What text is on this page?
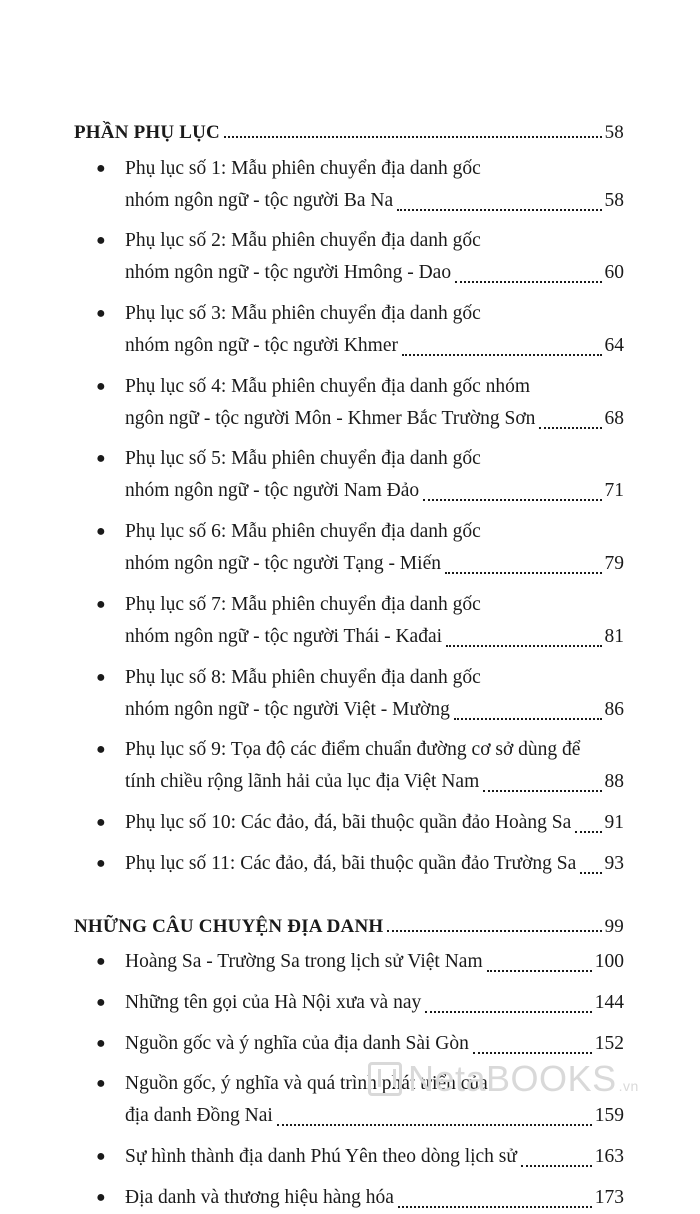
PHẦN PHỤ LỤC	58
● Phụ lục số 1: Mẫu phiên chuyển địa danh gốc
nhóm ngôn ngữ - tộc người Ba Na	58
● Phụ lục số 2: Mẫu phiên chuyển địa danh gốc
nhóm ngôn ngữ - tộc người Hmông - Dao	60
● Phụ lục số 3: Mẫu phiên chuyển địa danh gốc
nhóm ngôn ngữ - tộc người Khmer	64
● Phụ lục số 4: Mẫu phiên chuyển địa danh gốc nhóm
ngôn ngữ - tộc người Môn - Khmer Bắc Trường Sơn	68
● Phụ lục số 5: Mẫu phiên chuyển địa danh gốc
nhóm ngôn ngữ - tộc người Nam Đảo	71
● Phụ lục số 6: Mẫu phiên chuyển địa danh gốc
nhóm ngôn ngữ - tộc người Tạng - Miến	79
● Phụ lục số 7: Mẫu phiên chuyển địa danh gốc
nhóm ngôn ngữ - tộc người Thái - Kađai	81
● Phụ lục số 8: Mẫu phiên chuyển địa danh gốc
nhóm ngôn ngữ - tộc người Việt - Mường	86
● Phụ lục số 9: Tọa độ các điểm chuẩn đường cơ sở dùng để
tính chiều rộng lãnh hải của lục địa Việt Nam	88
● Phụ lục số 10: Các đảo, đá, bãi thuộc quần đảo Hoàng Sa 91
● Phụ lục số 11: Các đảo, đá, bãi thuộc quần đảo Trường Sa 93
NHỮNG CÂU CHUYỆN ĐỊA DANH	99
● Hoàng Sa - Trường Sa trong lịch sử Việt Nam	100
● Những tên gọi của Hà Nội xưa và nay	144
● Nguồn gốc và ý nghĩa của địa danh Sài Gòn	152
● Nguồn gốc, ý nghĩa và quá trình phát triển của
địa danh Đồng Nai	159
● Sự hình thành địa danh Phú Yên theo dòng lịch sử	163
● Địa danh và thương hiệu hàng hóa	173
NetaBOOKS .vn
